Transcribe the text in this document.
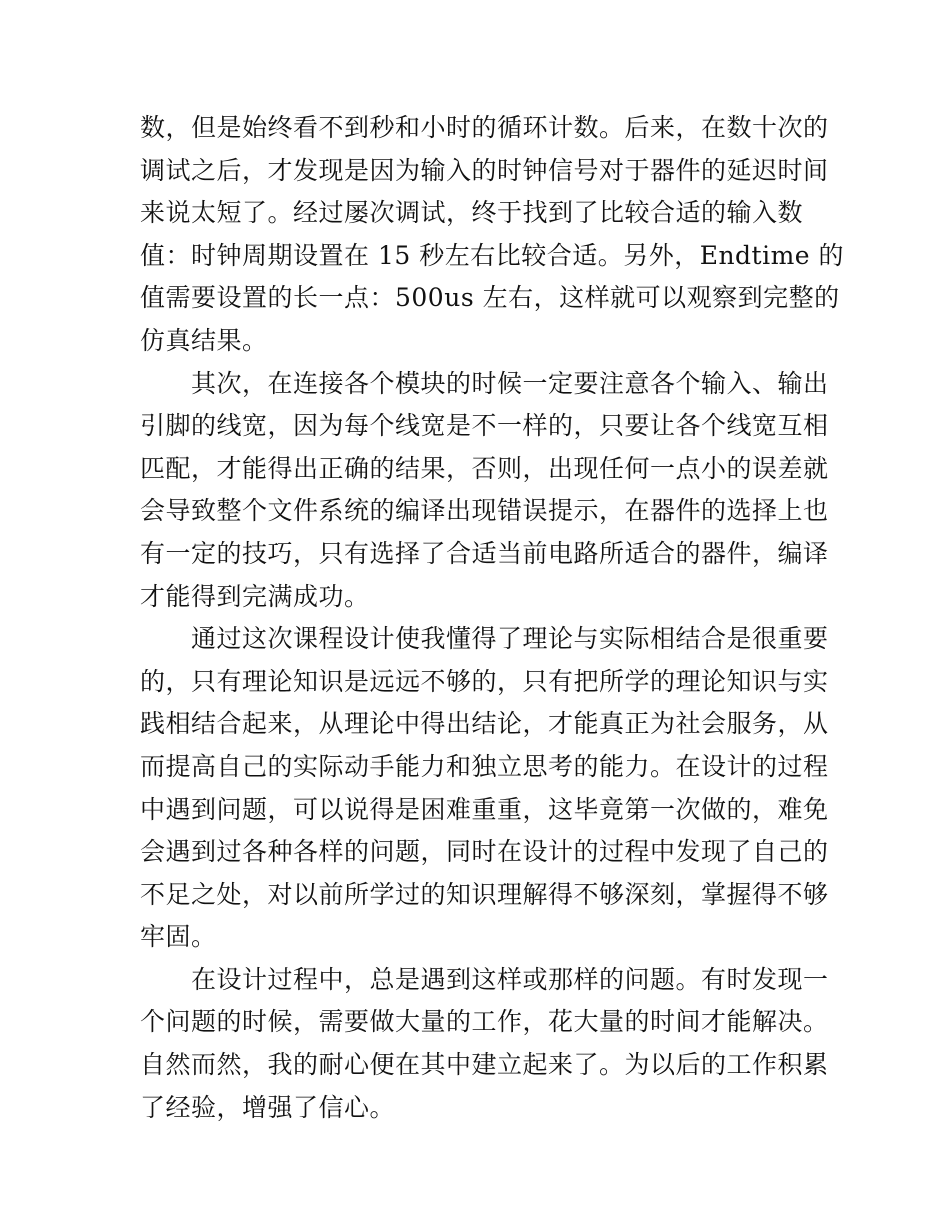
数，但是始终看不到秒和小时的循环计数。后来，在数十次的
调试之后，才发现是因为输入的时钟信号对于器件的延迟时间
来说太短了。经过屡次调试，终于找到了比较合适的输入数
值：时钟周期设置在 15 秒左右比较合适。另外，Endtime 的
值需要设置的长一点：500us 左右，这样就可以观察到完整的
仿真结果。
　　其次，在连接各个模块的时候一定要注意各个输入、输出
引脚的线宽，因为每个线宽是不一样的，只要让各个线宽互相
匹配，才能得出正确的结果，否则，出现任何一点小的误差就
会导致整个文件系统的编译出现错误提示，在器件的选择上也
有一定的技巧，只有选择了合适当前电路所适合的器件，编译
才能得到完满成功。
　　通过这次课程设计使我懂得了理论与实际相结合是很重要
的，只有理论知识是远远不够的，只有把所学的理论知识与实
践相结合起来，从理论中得出结论，才能真正为社会服务，从
而提高自己的实际动手能力和独立思考的能力。在设计的过程
中遇到问题，可以说得是困难重重，这毕竟第一次做的，难免
会遇到过各种各样的问题，同时在设计的过程中发现了自己的
不足之处，对以前所学过的知识理解得不够深刻，掌握得不够
牢固。
　　在设计过程中，总是遇到这样或那样的问题。有时发现一
个问题的时候，需要做大量的工作，花大量的时间才能解决。
自然而然，我的耐心便在其中建立起来了。为以后的工作积累
了经验，增强了信心。
